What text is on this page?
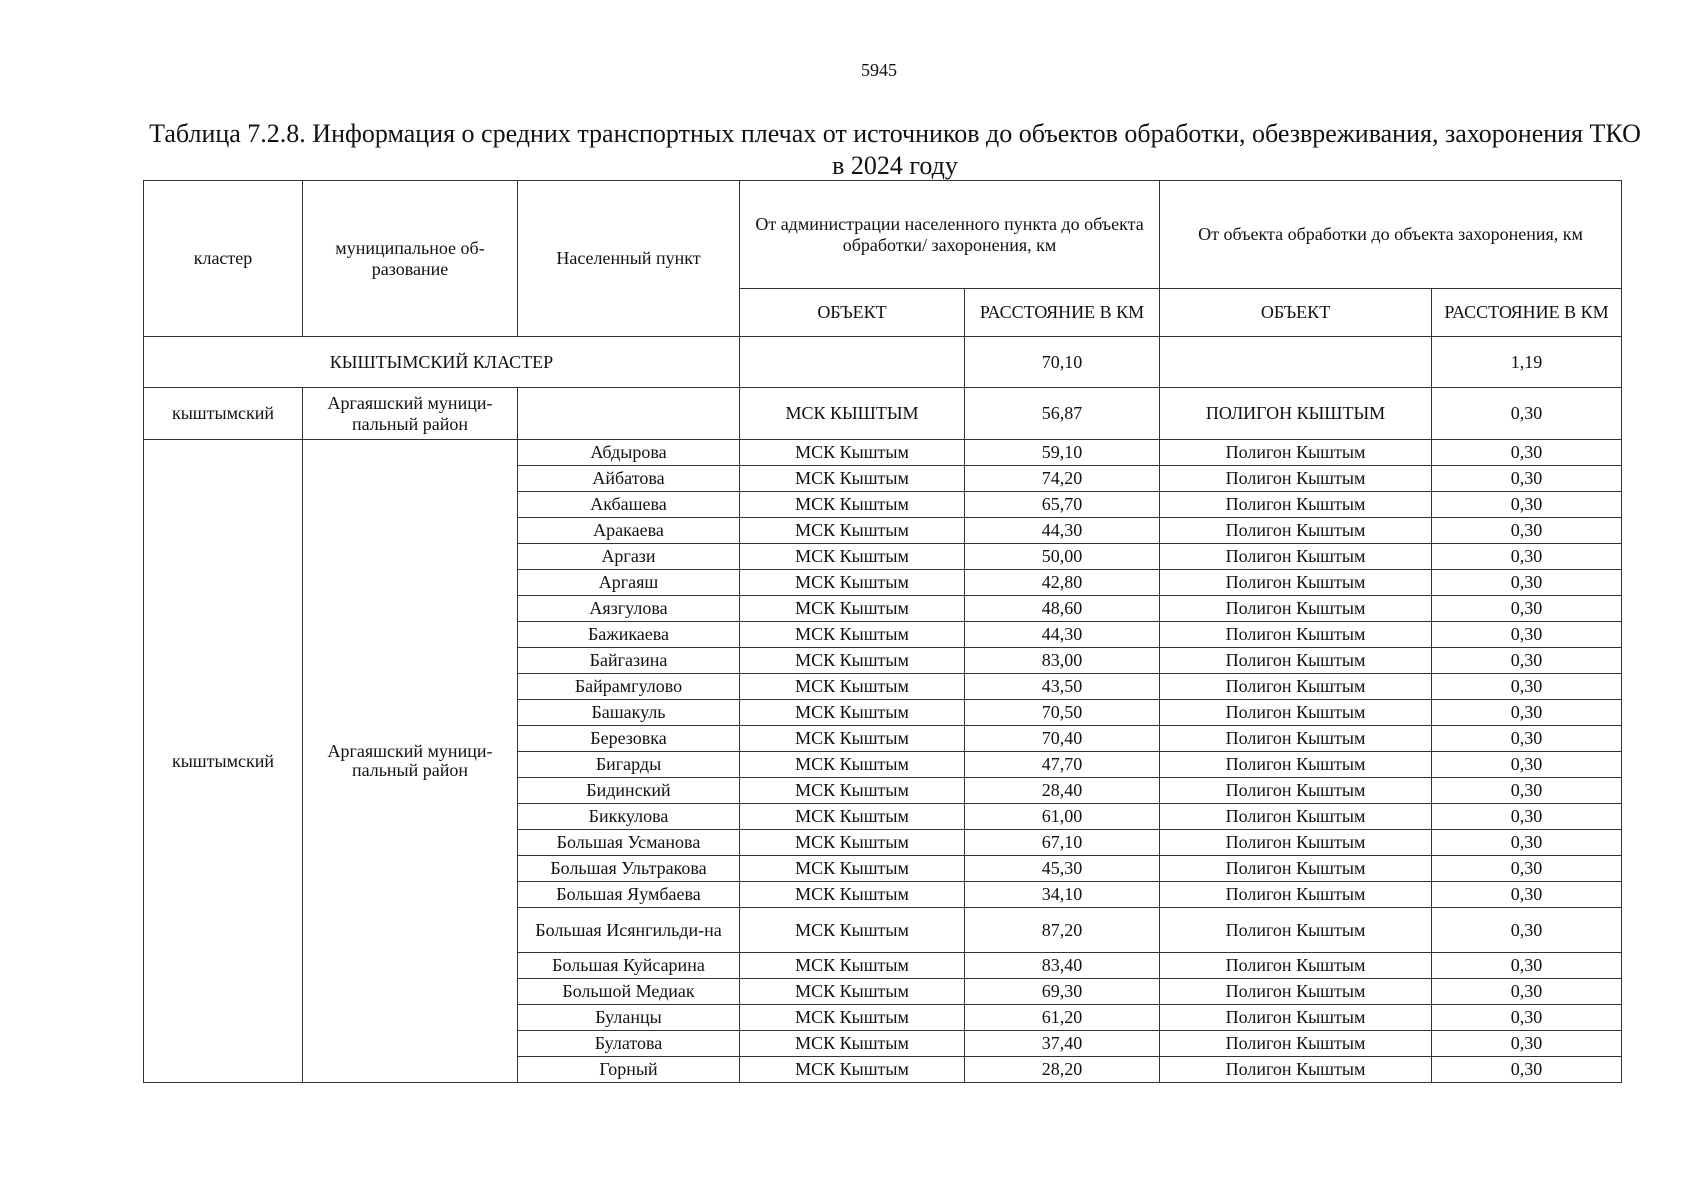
5945
Таблица 7.2.8. Информация о средних транспортных плечах от источников до объектов обработки, обезвреживания, захоронения ТКО в 2024 году
кластер	муниципальное об-разование	Населенный пункт	От администрации населенного пункта до объекта обработки/ захоронения, км		От объекта обработки до объекта захоронения, км	
			ОБЪЕКТ	РАССТОЯНИЕ В КМ	ОБЪЕКТ	РАССТОЯНИЕ В КМ
КЫШТЫМСКИЙ КЛАСТЕР				70,10		1,19
кыштымский	Аргаяшский муници-пальный район		МСК КЫШТЫМ	56,87	ПОЛИГОН КЫШТЫМ	0,30
кыштымский	Аргаяшский муници-пальный район	Абдырова	МСК Кыштым	59,10	Полигон Кыштым	0,30
		Айбатова	МСК Кыштым	74,20	Полигон Кыштым	0,30
		Акбашева	МСК Кыштым	65,70	Полигон Кыштым	0,30
		Аракаева	МСК Кыштым	44,30	Полигон Кыштым	0,30
		Аргази	МСК Кыштым	50,00	Полигон Кыштым	0,30
		Аргаяш	МСК Кыштым	42,80	Полигон Кыштым	0,30
		Аязгулова	МСК Кыштым	48,60	Полигон Кыштым	0,30
		Бажикаева	МСК Кыштым	44,30	Полигон Кыштым	0,30
		Байгазина	МСК Кыштым	83,00	Полигон Кыштым	0,30
		Байрамгулово	МСК Кыштым	43,50	Полигон Кыштым	0,30
		Башакуль	МСК Кыштым	70,50	Полигон Кыштым	0,30
		Березовка	МСК Кыштым	70,40	Полигон Кыштым	0,30
		Бигарды	МСК Кыштым	47,70	Полигон Кыштым	0,30
		Бидинский	МСК Кыштым	28,40	Полигон Кыштым	0,30
		Биккулова	МСК Кыштым	61,00	Полигон Кыштым	0,30
		Большая Усманова	МСК Кыштым	67,10	Полигон Кыштым	0,30
		Большая Ультракова	МСК Кыштым	45,30	Полигон Кыштым	0,30
		Большая Яумбаева	МСК Кыштым	34,10	Полигон Кыштым	0,30
		Большая Исянгильди-на	МСК Кыштым	87,20	Полигон Кыштым	0,30
		Большая Куйсарина	МСК Кыштым	83,40	Полигон Кыштым	0,30
		Большой Медиак	МСК Кыштым	69,30	Полигон Кыштым	0,30
		Буланцы	МСК Кыштым	61,20	Полигон Кыштым	0,30
		Булатова	МСК Кыштым	37,40	Полигон Кыштым	0,30
		Горный	МСК Кыштым	28,20	Полигон Кыштым	0,30
